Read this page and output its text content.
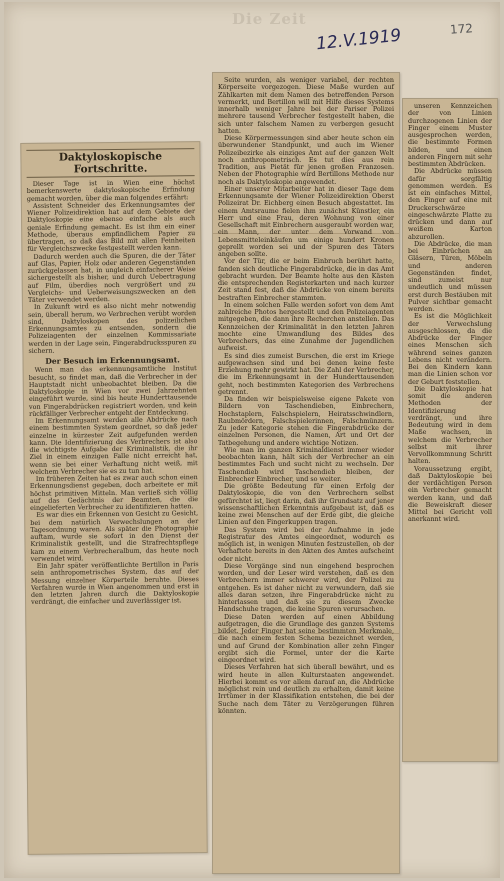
Die Zeit
12.V.1919	172
Daktyloskopische Fortschritte.

Dieser Tage ist in Wien eine höchst bemerkenswerte daktyloskopische Erfindung gemacht worden, über die man folgendes erfährt:

Assistent Schneider des Erkennungsamtes der Wiener Polizeidirektion hat auf dem Gebiete der Daktyloskopie eine ebenso einfache als auch geniale Erfindung gemacht. Es ist ihm ein einer Methode, überaus empfindlichem Papier zu übertragen, so daß das Bild mit allen Feinheiten für Vergleichszwecke festgestellt werden kann.

Dadurch werden auch die Spuren, die der Täter auf Glas, Papier, Holz oder anderen Gegenständen zurückgelassen hat, in ungleich einfacherer Weise sichergestellt als bisher, und durch Uebertragung auf Film, überdies noch vergrößert und zu Vergleichs- und Ueberweisungszwecken an den Täter verwendet werden.

In Zukunft wird es also nicht mehr notwendig sein, überall herum, wo Verbrechen verübt worden sind, Daktyloskopen des polizeilichen Erkennungsamtes zu entsenden, sondern die Polizeiagenten der einzelnen Kommissariate werden in der Lage sein, Fingerabdrucksspuren zu sichern.

Der Besuch im Erkennungsamt.

Wenn man das erkennungsamtliche Institut besucht, so findet man, daß die Verbrecher in der Hauptstadt nicht unbeobachtet bleiben. Da die Daktyloskopie in Wien vor zwei Jahrzehnten eingeführt wurde, sind bis heute Hunderttausende von Fingerabdrücken registriert worden, und kein rückfälliger Verbrecher entgeht der Entdeckung.

Im Erkennungsamt werden alle Abdrücke nach einem bestimmten System geordnet, so daß jeder einzelne in kürzester Zeit aufgefunden werden kann. Die Identifizierung des Verbrechers ist also die wichtigste Aufgabe der Kriminalistik, die ihr Ziel in einem einzigen Falle nicht erreicht hat, wenn sie bei einer Verhaftung nicht weiß, mit welchem Verbrecher sie es zu tun hat.

Im früheren Zeiten hat es zwar auch schon einen Erkennungsdienst gegeben, doch arbeitete er mit höchst primitiven Mitteln. Man verließ sich völlig auf das Gedächtnis der Beamten, die die eingelieferten Verbrecher zu identifizieren hatten.

Es war dies ein Erkennen von Gesicht zu Gesicht, bei dem natürlich Verwechslungen an der Tagesordnung waren. Als später die Photographie auftam, wurde sie sofort in den Dienst der Kriminalistik gestellt, und die Strafrechtspflege kam zu einem Verbrecheralbum, das heute noch verwendet wird.

Ein Jahr später veröffentlichte Bertillon in Paris sein anthropometrisches System, das auf der Messung einzelner Körperteile beruhte. Dieses Verfahren wurde in Wien angenommen und erst in den letzten Jahren durch die Daktyloskopie verdrängt, die einfacher und zuverlässiger ist.

Seite wurden, als weniger variabel, der rechten Körperseite vorgezogen. Diese Maße wurden auf Zählkarten mit dem Namen des betreffenden Person vermerkt, und Bertillon will mit Hilfe dieses Systems innerhalb weniger Jahre bei der Pariser Polizei mehrere tausend Verbrecher festgestellt haben, die sich unter falschem Namen zu verbergen gesucht hatten.

Diese Körpermessungen sind aber heute schon ein überwundener Standpunkt, und auch im Wiener Polizeibezirke als einziges Amt auf der ganzen Welt noch anthropometrisch. Es tut dies aus rein Tradition, aus Pietät für jenen großen Franzosen. Neben der Photographie wird Bertillons Methode nur noch als Daktyloskopie angewendet.

Einer unserer Mitarbeiter hat in dieser Tage dem Erkennungsamte der Wiener Polizeidirektion Oberst Polizeirat Dr. Eichberg einen Besuch abgestattet. Im einem Amtsraume fielen ihm zunächst Künstler, ein Herr und eine Frau, deren Wohnung von einer Gesellschaft mit Einbrechern ausgeraubt worden war, ein Mann, der unter dem Vorwand von Lebensmitteleinkäufen um einige hundert Kronen geprellt worden sei und der Spuren des Täters angeben sollte.

Vor der Tür, die er beim Einbruch berührt hatte, fanden sich deutliche Fingerabdrücke, die in das Amt gebracht wurden. Der Beamte holte aus den Kästen die entsprechenden Registerkarten und nach kurzer Zeit stand fest, daß die Abdrücke von einem bereits bestraften Einbrecher stammten.

In einem solchen Falle werden sofort von dem Amt zahlreiche Photos hergestellt und den Polizeiagenten mitgegeben, die dann ihre Recherchen anstellen. Das Kennzeichen der Kriminalität in den letzten Jahren mochte eine Umwandlung des Bildes des Verbrechers, das eine Zunahme der Jugendlichen aufweist.

Es sind dies zumeist Burschen, die erst im Kriege aufgewachsen sind und bei denen keine feste Erziehung mehr gewirkt hat. Die Zahl der Verbrecher, die im Erkennungsamt in der Hunderttausenden geht, noch bestimmten Kategorien des Verbrechens getrennt.

Da finden wir beispielsweise eigene Pakete von Bildern von Taschendieben, Einbrechern, Hochstaplern, Falschspielern, Heiratsschwindlern, Raubmördern, Falschspielerinnen, Falschmünzern. Zu jeder Kategorie stehen die Fingerabdrücke der einzelnen Personen, die Namen, Art und Ort der Tatbegehung und andere wichtige Notizen.

Wie man im ganzen Kriminaldienst immer wieder beobachten kann, hält sich der Verbrecher an ein bestimmtes Fach und sucht nicht zu wechseln. Der Taschendieb wird Taschendieb bleiben, der Einbrecher Einbrecher, und so weiter.

Die größte Bedeutung für einen Erfolg der Daktyloskopie, die von den Verbrechern selbst gefürchtet ist, liegt darin, daß ihr Grundsatz auf jener wissenschaftlichen Erkenntnis aufgebaut ist, daß es keine zwei Menschen auf der Erde gibt, die gleiche Linien auf den Fingerkuppen tragen.

Das System wird bei der Aufnahme in jede Registratur des Amtes eingeordnet, wodurch es möglich ist, in wenigen Minuten festzustellen, ob der Verhaftete bereits in den Akten des Amtes aufscheint oder nicht.

Diese Vorgänge sind nun eingehend besprochen worden, und der Leser wird verstehen, daß es den Verbrechern immer schwerer wird, der Polizei zu entgehen. Es ist daher nicht zu verwundern, daß sie alles daran setzen, ihre Fingerabdrücke nicht zu hinterlassen und daß sie zu diesem Zwecke Handschuhe tragen, die keine Spuren verursachen.

Diese Daten werden auf einen Abbildung aufgetragen, die die Grundlage des ganzen Systems bildet. Jeder Finger hat seine bestimmten Merkmale, die nach einem festen Schema bezeichnet werden, und auf Grund der Kombination aller zehn Finger ergibt sich die Formel, unter der die Karte eingeordnet wird.

Dieses Verfahren hat sich überall bewährt, und es wird heute in allen Kulturstaaten angewendet. Hierbei kommt es vor allem darauf an, die Abdrücke möglichst rein und deutlich zu erhalten, damit keine Irrtümer in der Klassifikation entstehen, die bei der Suche nach dem Täter zu Verzögerungen führen könnten.

unseren Kennzeichen der von Linien durchzogenen Linien der Finger einem Muster ausgesprochen werden, die bestimmte Formen bilden, und einen anderen Fingern mit sehr bestimmten Abdrücken.

Die Abdrücke müssen dafür sorgfältig genommen werden. Es ist ein einfaches Mittel, den Finger auf eine mit Druckerschwärze eingeschwärzte Platte zu drücken und dann auf weißem Karton abzurollen.

Die Abdrücke, die man bei Einbrüchen an Gläsern, Türen, Möbeln und anderen Gegenständen findet, sind zumeist nur undeutlich und müssen erst durch Bestäuben mit Pulver sichtbar gemacht werden.

Es ist die Möglichkeit der Verwechslung ausgeschlossen, da die Abdrücke der Finger eines Menschen sich während seines ganzen Lebens nicht verändern. Bei den Kindern kann man die Linien schon vor der Geburt feststellen.

Die Daktyloskopie hat somit die anderen Methoden der Identifizierung verdrängt, und ihre Bedeutung wird in dem Maße wachsen, in welchem die Verbrecher selbst mit ihrer Vervollkommnung Schritt halten.

Voraussetzung ergibt, daß Daktyloskopie bei der verdächtigen Person ein Verbrecher gemacht werden kann, und daß die Beweiskraft dieser Mittel bei Gericht voll anerkannt wird.
